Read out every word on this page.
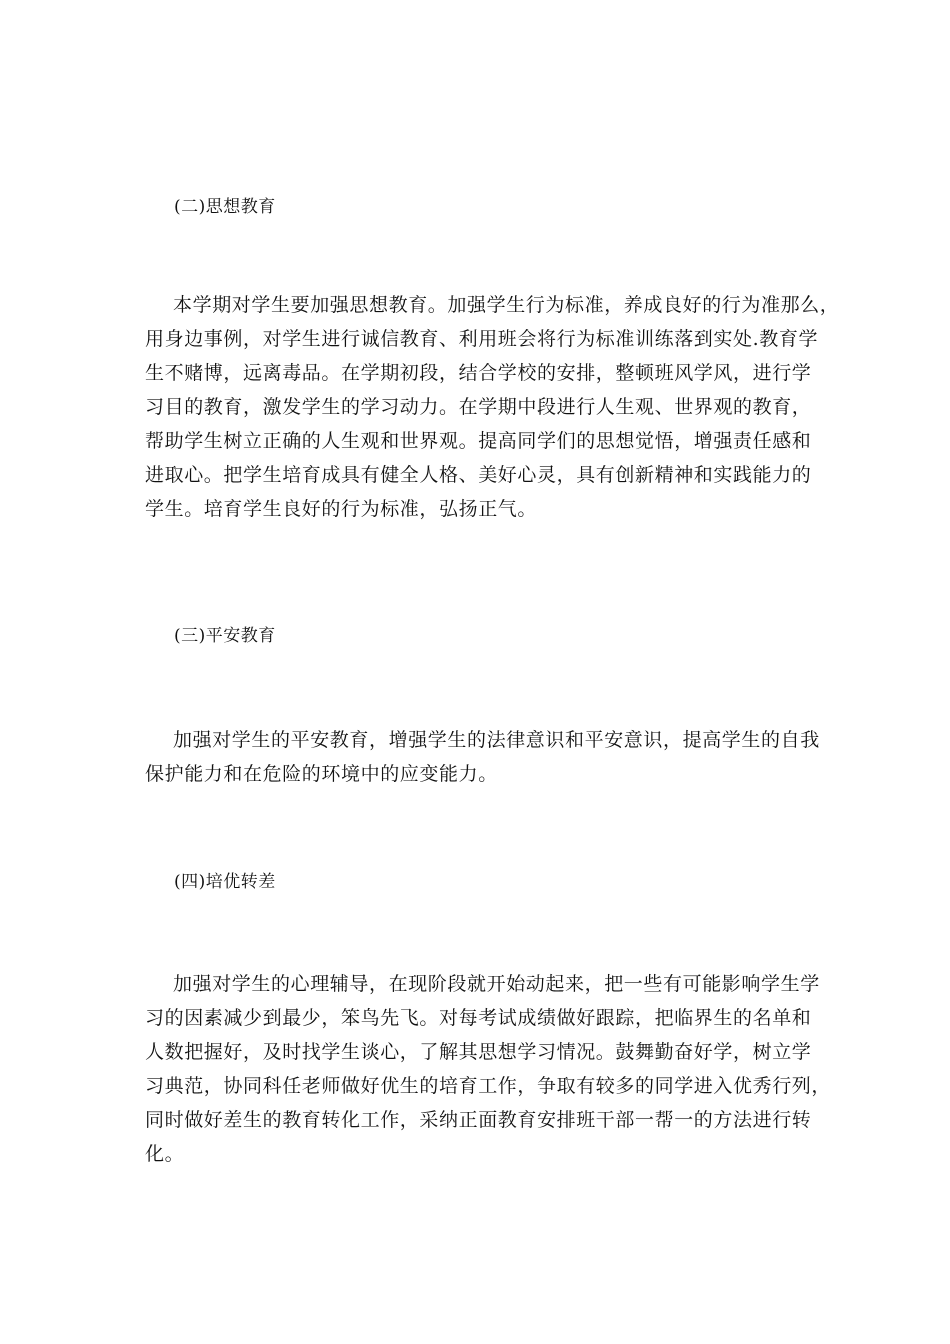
(二)思想教育
本学期对学生要加强思想教育。加强学生行为标准，养成良好的行为准那么，
用身边事例，对学生进行诚信教育、利用班会将行为标准训练落到实处.教育学
生不赌博，远离毒品。在学期初段，结合学校的安排，整顿班风学风，进行学
习目的教育，激发学生的学习动力。在学期中段进行人生观、世界观的教育，
帮助学生树立正确的人生观和世界观。提高同学们的思想觉悟，增强责任感和
进取心。把学生培育成具有健全人格、美好心灵，具有创新精神和实践能力的
学生。培育学生良好的行为标准，弘扬正气。
(三)平安教育
加强对学生的平安教育，增强学生的法律意识和平安意识，提高学生的自我
保护能力和在危险的环境中的应变能力。
(四)培优转差
加强对学生的心理辅导，在现阶段就开始动起来，把一些有可能影响学生学
习的因素减少到最少，笨鸟先飞。对每考试成绩做好跟踪，把临界生的名单和
人数把握好，及时找学生谈心，了解其思想学习情况。鼓舞勤奋好学，树立学
习典范，协同科任老师做好优生的培育工作，争取有较多的同学进入优秀行列，
同时做好差生的教育转化工作，采纳正面教育安排班干部一帮一的方法进行转
化。
